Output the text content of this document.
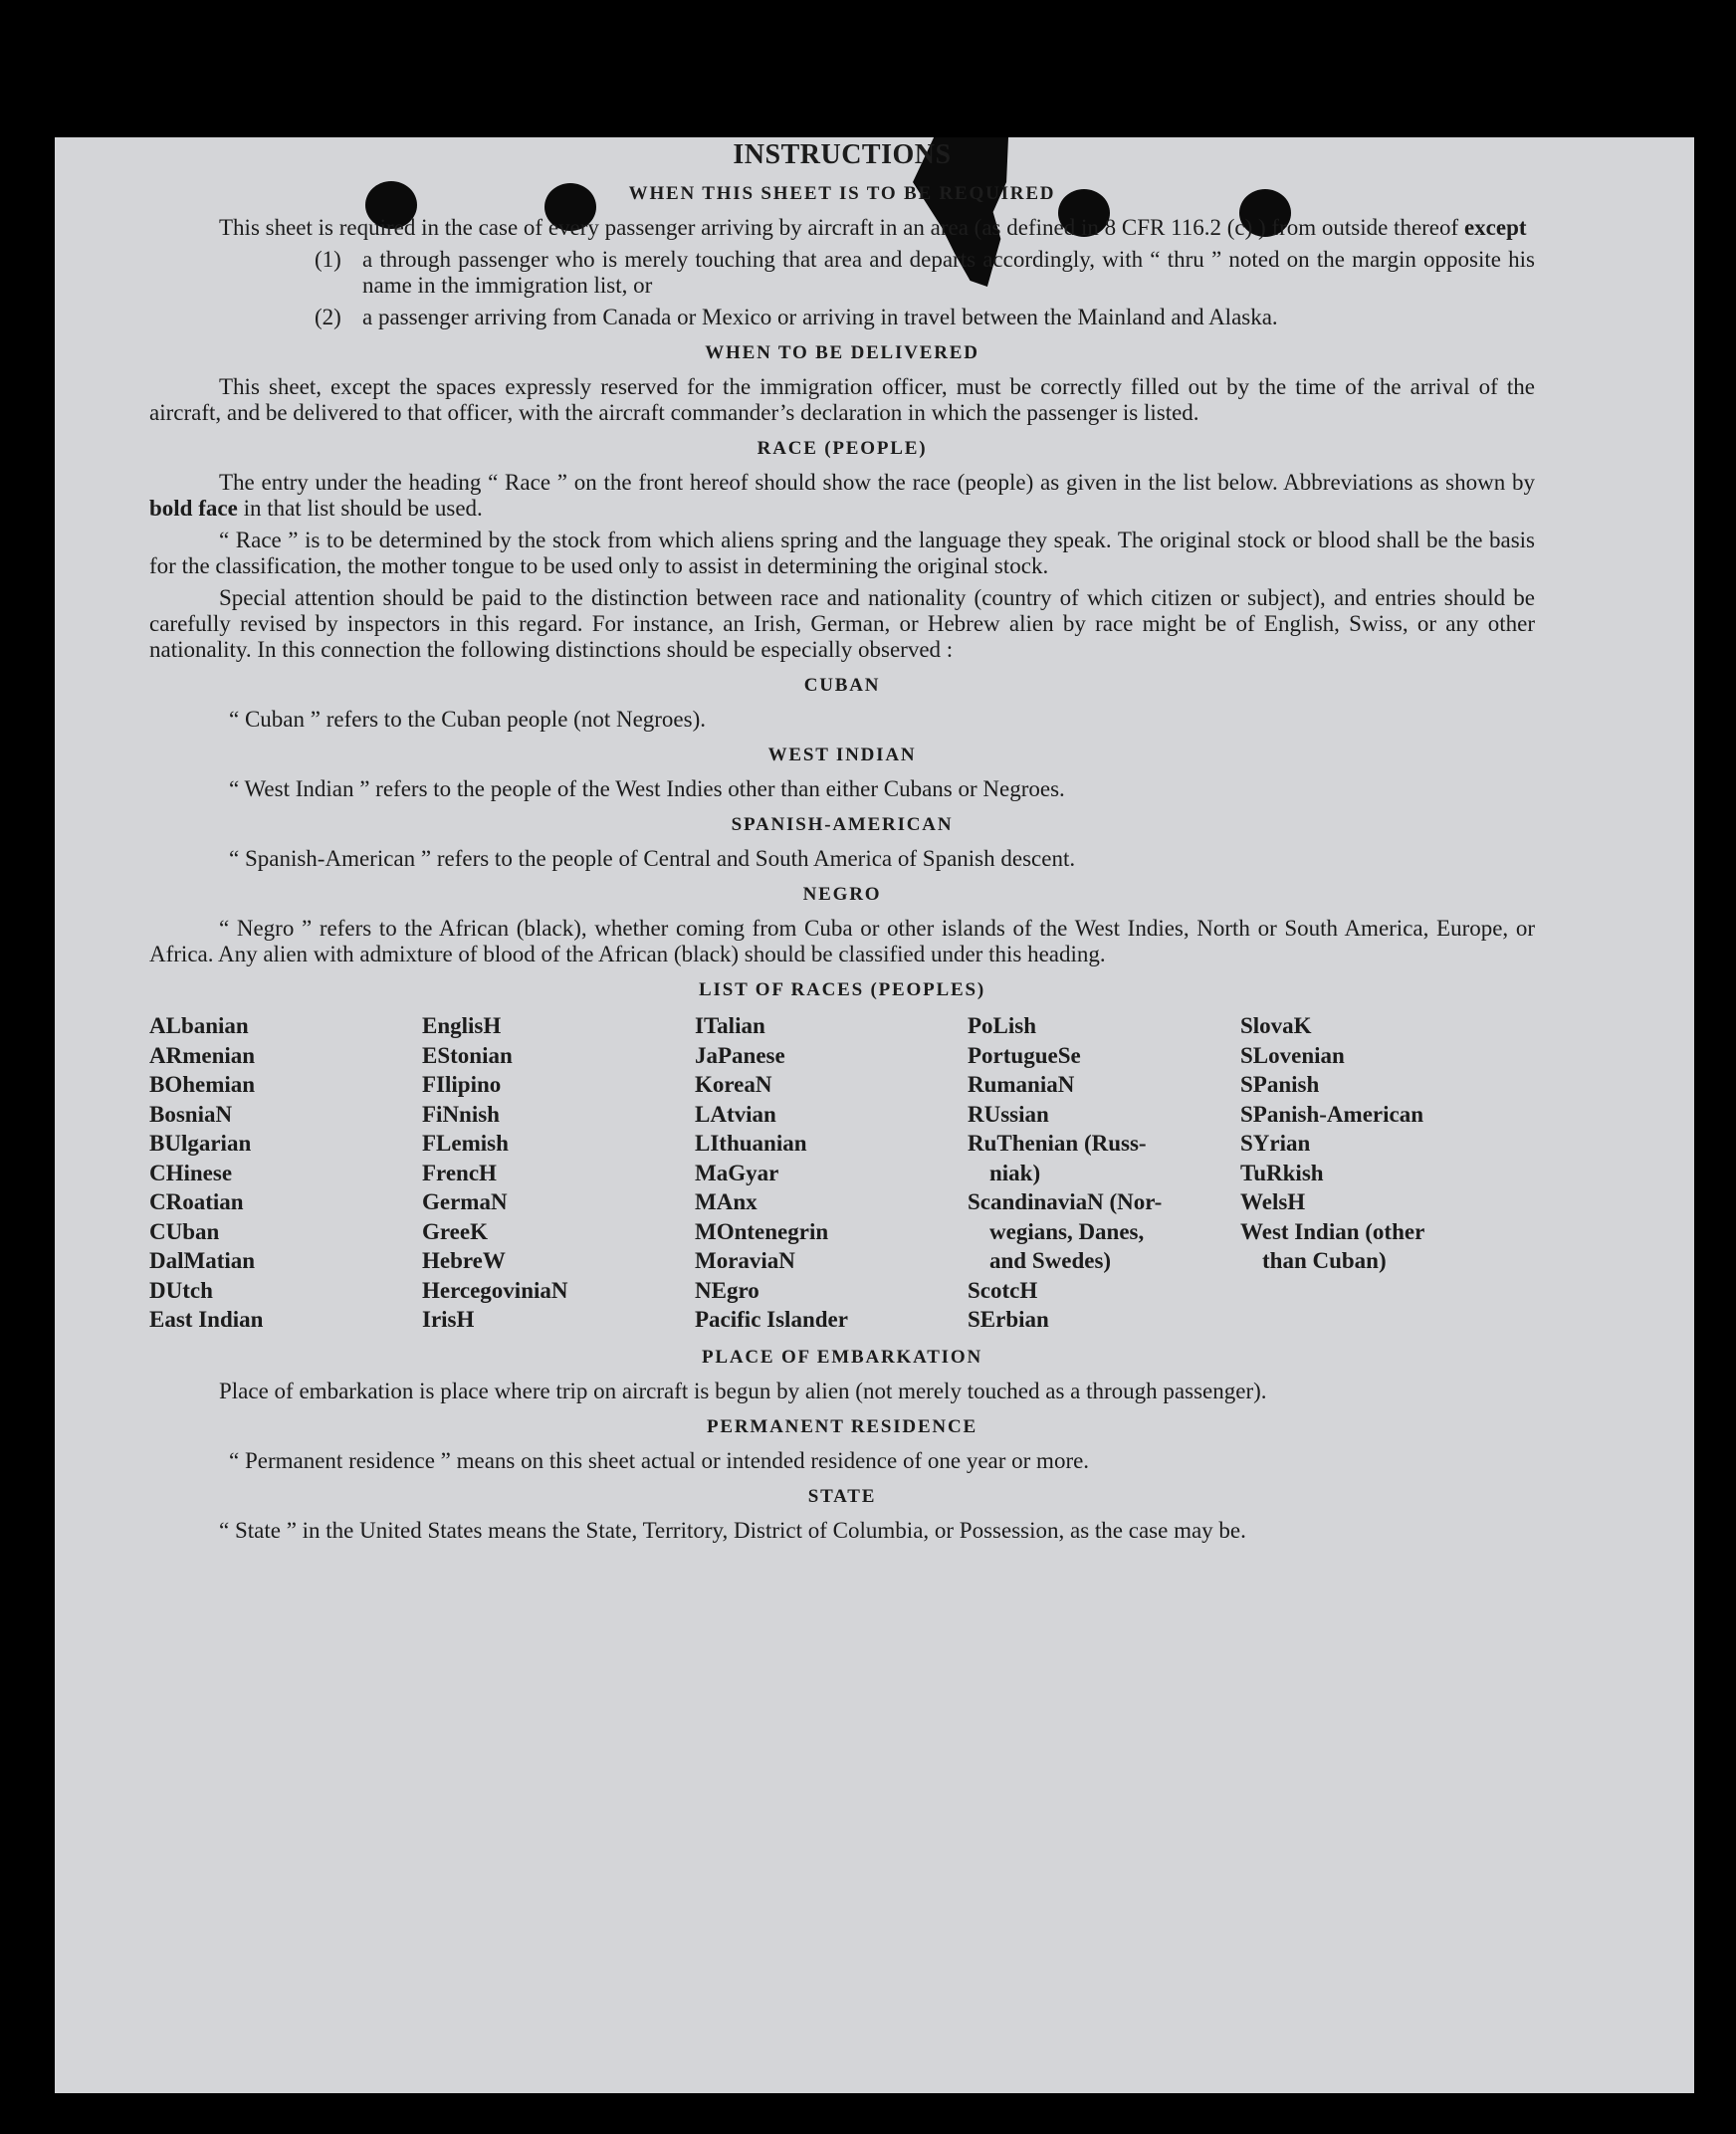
INSTRUCTIONS
WHEN THIS SHEET IS TO BE REQUIRED

This sheet is required in the case of every passenger arriving by aircraft in an area (as defined in 8 CFR 116.2 (c) ) from outside thereof except

(1) a through passenger who is merely touching that area and departs accordingly, with “ thru ” noted on the margin opposite his name in the immigration list, or
(2) a passenger arriving from Canada or Mexico or arriving in travel between the Mainland and Alaska.
WHEN TO BE DELIVERED

This sheet, except the spaces expressly reserved for the immigration officer, must be correctly filled out by the time of the arrival of the aircraft, and be delivered to that officer, with the aircraft commander’s declaration in which the passenger is listed.

RACE (PEOPLE)

The entry under the heading “ Race ” on the front hereof should show the race (people) as given in the list below. Abbreviations as shown by bold face in that list should be used.

“ Race ” is to be determined by the stock from which aliens spring and the language they speak. The original stock or blood shall be the basis for the classification, the mother tongue to be used only to assist in determining the original stock.

Special attention should be paid to the distinction between race and nationality (country of which citizen or subject), and entries should be carefully revised by inspectors in this regard. For instance, an Irish, German, or Hebrew alien by race might be of English, Swiss, or any other nationality. In this connection the following distinctions should be especially observed :

CUBAN

“ Cuban ” refers to the Cuban people (not Negroes).

WEST INDIAN

“ West Indian ” refers to the people of the West Indies other than either Cubans or Negroes.

SPANISH-AMERICAN

“ Spanish-American ” refers to the people of Central and South America of Spanish descent.

NEGRO

“ Negro ” refers to the African (black), whether coming from Cuba or other islands of the West Indies, North or South America, Europe, or Africa. Any alien with admixture of blood of the African (black) should be classified under this heading.

LIST OF RACES (PEOPLES)
ALbanian	EnglisH	ITalian	PoLish	SlovaK
ARmenian	EStonian	JaPanese	PortugueSe	SLovenian
BOhemian	FIlipino	KoreaN	RumaniaN	SPanish
BosniaN	FiNnish	LAtvian	RUssian	SPanish-American
BUlgarian	FLemish	LIthuanian	RuThenian (Russ-	SYrian
CHinese	FrencH	MaGyar	niak)	TuRkish
CRoatian	GermaN	MAnx	ScandinaviaN (Nor-	WelsH
CUban	GreeK	MOntenegrin	wegians, Danes,	West Indian (other
DalMatian	HebreW	MoraviaN	and Swedes)	than Cuban)
DUtch	HercegoviniaN	NEgro	ScotcH
East Indian	IrisH	Pacific Islander	SErbian
PLACE OF EMBARKATION

Place of embarkation is place where trip on aircraft is begun by alien (not merely touched as a through passenger).

PERMANENT RESIDENCE

“ Permanent residence ” means on this sheet actual or intended residence of one year or more.

STATE

“ State ” in the United States means the State, Territory, District of Columbia, or Possession, as the case may be.
